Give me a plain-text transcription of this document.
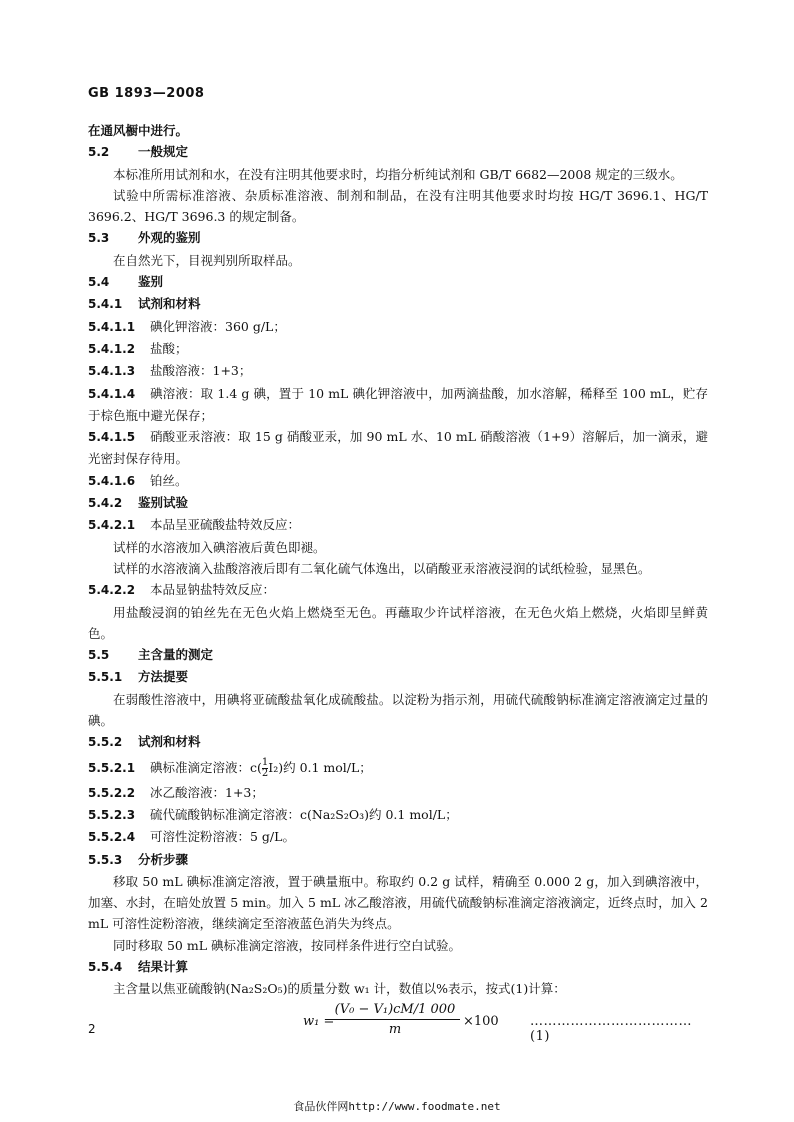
GB 1893—2008
在通风橱中进行。
5.2 一般规定
本标准所用试剂和水，在没有注明其他要求时，均指分析纯试剂和 GB/T 6682—2008 规定的三级水。
试验中所需标准溶液、杂质标准溶液、制剂和制品，在没有注明其他要求时均按 HG/T 3696.1、HG/T 3696.2、HG/T 3696.3 的规定制备。
5.3 外观的鉴别
在自然光下，目视判别所取样品。
5.4 鉴别
5.4.1 试剂和材料
5.4.1.1 碘化钾溶液：360 g/L；
5.4.1.2 盐酸；
5.4.1.3 盐酸溶液：1+3；
5.4.1.4 碘溶液：取 1.4 g 碘，置于 10 mL 碘化钾溶液中，加两滴盐酸，加水溶解，稀释至 100 mL，贮存于棕色瓶中避光保存；
5.4.1.5 硝酸亚汞溶液：取 15 g 硝酸亚汞，加 90 mL 水、10 mL 硝酸溶液（1+9）溶解后，加一滴汞，避光密封保存待用。
5.4.1.6 铂丝。
5.4.2 鉴别试验
5.4.2.1 本品呈亚硫酸盐特效反应：
试样的水溶液加入碘溶液后黄色即褪。
试样的水溶液滴入盐酸溶液后即有二氧化硫气体逸出，以硝酸亚汞溶液浸润的试纸检验，显黑色。
5.4.2.2 本品显钠盐特效反应：
用盐酸浸润的铂丝先在无色火焰上燃烧至无色。再蘸取少许试样溶液，在无色火焰上燃烧，火焰即呈鲜黄色。
5.5 主含量的测定
5.5.1 方法提要
在弱酸性溶液中，用碘将亚硫酸盐氧化成硫酸盐。以淀粉为指示剂，用硫代硫酸钠标准滴定溶液滴定过量的碘。
5.5.2 试剂和材料
5.5.2.1 碘标准滴定溶液：$c( \frac{1}{2} I_2)$约 0.1 mol/L；
5.5.2.2 冰乙酸溶液：1+3；
5.5.2.3 硫代硫酸钠标准滴定溶液：c(Na₂S₂O₃)约 0.1 mol/L；
5.5.2.4 可溶性淀粉溶液：5 g/L。
5.5.3 分析步骤
移取 50 mL 碘标准滴定溶液，置于碘量瓶中。称取约 0.2 g 试样，精确至 0.000 2 g，加入到碘溶液中，加塞、水封，在暗处放置 5 min。加入 5 mL 冰乙酸溶液，用硫代硫酸钠标准滴定溶液滴定，近终点时，加入 2 mL 可溶性淀粉溶液，继续滴定至溶液蓝色消失为终点。
同时移取 50 mL 碘标准滴定溶液，按同样条件进行空白试验。
5.5.4 结果计算
主含量以焦亚硫酸钠(Na₂S₂O₅)的质量分数 w₁ 计，数值以%表示，按式(1)计算：
w₁ =
$\frac{\text{(V₀ − V₁)cM/1 000}}{m} \times 100$ ………………………………(1)
2
食品伙伴网http://www.foodmate.net
